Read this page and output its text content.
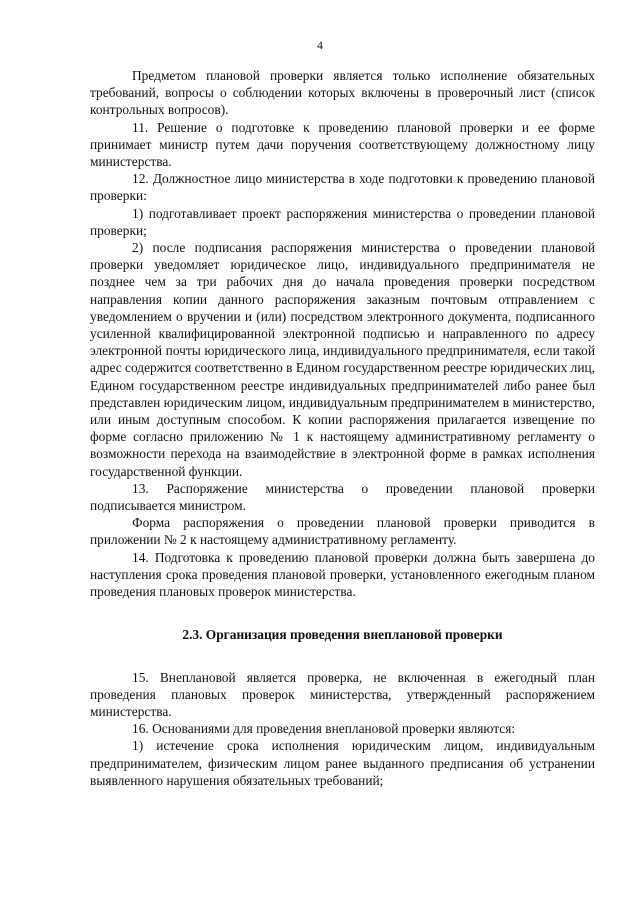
4

Предметом плановой проверки является только исполнение обязательных требований, вопросы о соблюдении которых включены в проверочный лист (список контрольных вопросов).

11. Решение о подготовке к проведению плановой проверки и ее форме принимает министр путем дачи поручения соответствующему должностному лицу министерства.

12. Должностное лицо министерства в ходе подготовки к проведению плановой проверки:

1) подготавливает проект распоряжения министерства о проведении плановой проверки;

2) после подписания распоряжения министерства о проведении плановой проверки уведомляет юридическое лицо, индивидуального предпринимателя не позднее чем за три рабочих дня до начала проведения проверки посредством направления копии данного распоряжения заказным почтовым отправлением с уведомлением о вручении и (или) посредством электронного документа, подписанного усиленной квалифицированной электронной подписью и направленного по адресу электронной почты юридического лица, индивидуального предпринимателя, если такой адрес содержится соответственно в Едином государственном реестре юридических лиц, Едином государственном реестре индивидуальных предпринимателей либо ранее был представлен юридическим лицом, индивидуальным предпринимателем в министерство, или иным доступным способом. К копии распоряжения прилагается извещение по форме согласно приложению № 1 к настоящему административному регламенту о возможности перехода на взаимодействие в электронной форме в рамках исполнения государственной функции.

13. Распоряжение министерства о проведении плановой проверки подписывается министром.

Форма распоряжения о проведении плановой проверки приводится в приложении № 2 к настоящему административному регламенту.

14. Подготовка к проведению плановой проверки должна быть завершена до наступления срока проведения плановой проверки, установленного ежегодным планом проведения плановых проверок министерства.

2.3. Организация проведения внеплановой проверки

15. Внеплановой является проверка, не включенная в ежегодный план проведения плановых проверок министерства, утвержденный распоряжением министерства.

16. Основаниями для проведения внеплановой проверки являются:

1) истечение срока исполнения юридическим лицом, индивидуальным предпринимателем, физическим лицом ранее выданного предписания об устранении выявленного нарушения обязательных требований;
